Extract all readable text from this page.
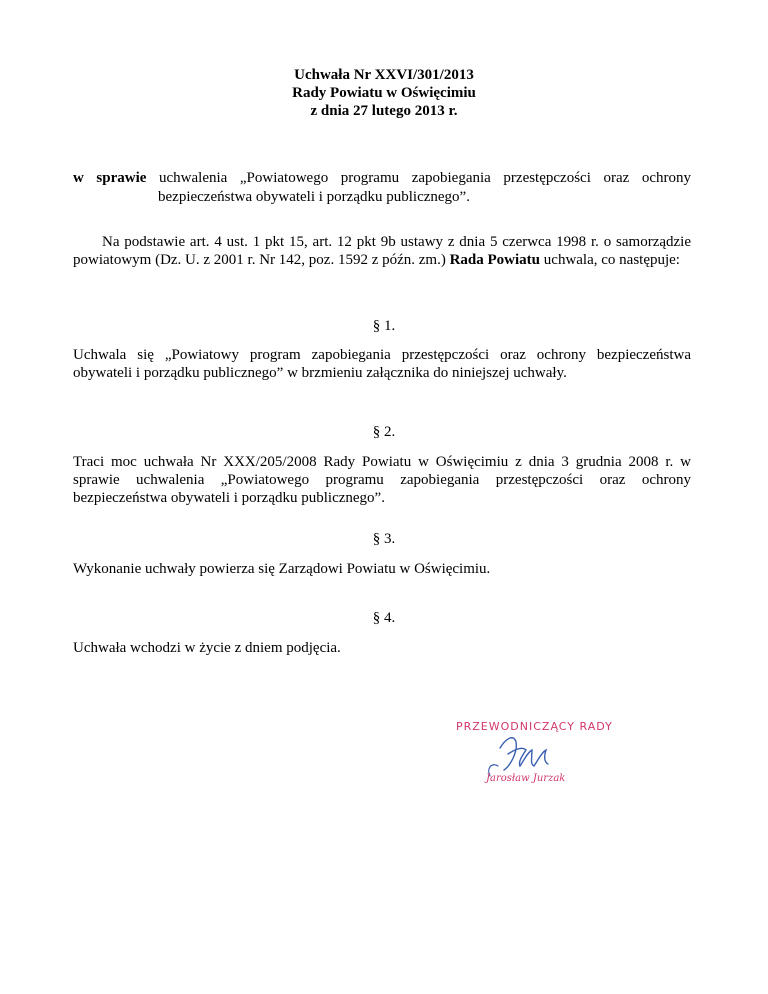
Uchwała Nr XXVI/301/2013
Rady Powiatu w Oświęcimiu
z dnia 27 lutego 2013 r.
w sprawie uchwalenia „Powiatowego programu zapobiegania przestępczości oraz ochrony
bezpieczeństwa obywateli i porządku publicznego”.
Na podstawie art. 4 ust. 1 pkt 15, art. 12 pkt 9b ustawy z dnia 5 czerwca 1998 r. o samorządzie powiatowym (Dz. U. z 2001 r. Nr 142, poz. 1592 z późn. zm.) Rada Powiatu uchwala, co następuje:
§ 1.
Uchwala się „Powiatowy program zapobiegania przestępczości oraz ochrony bezpieczeństwa obywateli i porządku publicznego” w brzmieniu załącznika do niniejszej uchwały.
§ 2.
Traci moc uchwała Nr XXX/205/2008 Rady Powiatu w Oświęcimiu z dnia 3 grudnia 2008 r. w sprawie uchwalenia „Powiatowego programu zapobiegania przestępczości oraz ochrony bezpieczeństwa obywateli i porządku publicznego”.
§ 3.
Wykonanie uchwały powierza się Zarządowi Powiatu w Oświęcimiu.
§ 4.
Uchwała wchodzi w życie z dniem podjęcia.
PRZEWODNICZĄCY RADY
Jarosław Jurzak
